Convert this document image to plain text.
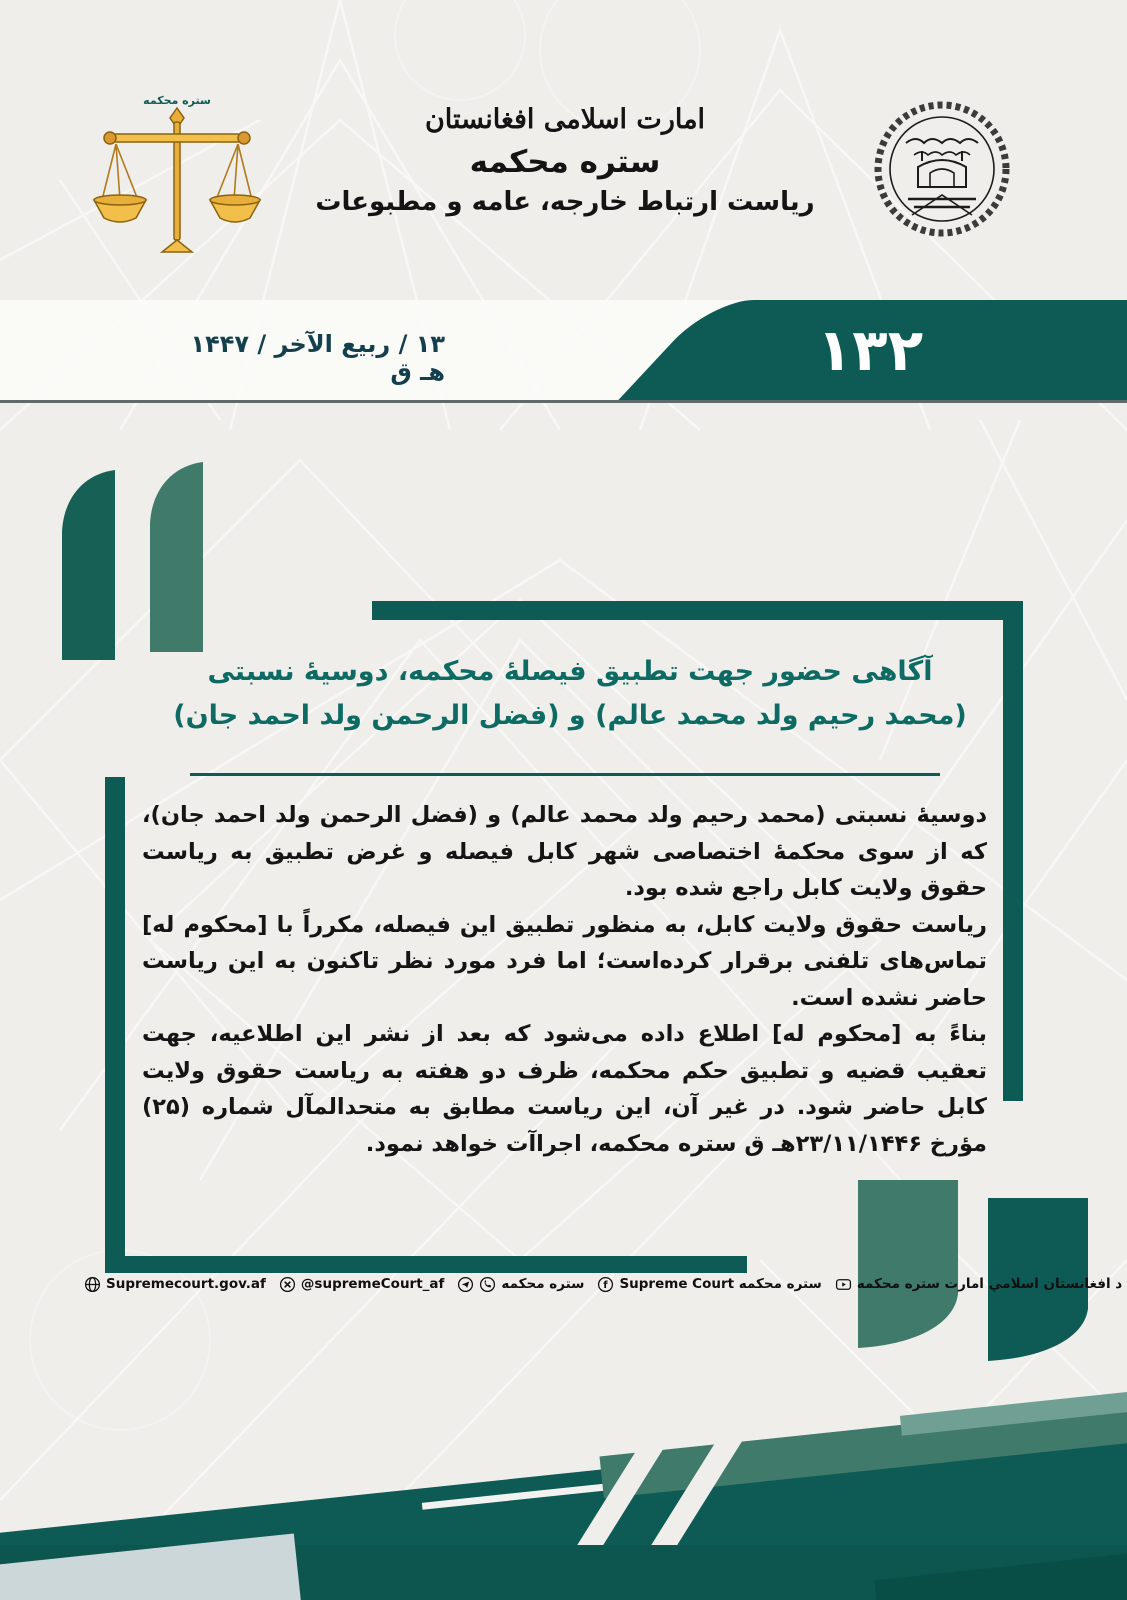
ستره محکمه
امارت اسلامی افغانستان
ستره محکمه
ریاست ارتباط خارجه، عامه و مطبوعات
۱۳۲
۱۳ / ربیع الآخر / ۱۴۴۷ هـ ق
آگاهی حضور جهت تطبیق فیصلهٔ محکمه، دوسیهٔ نسبتی
(محمد رحیم ولد محمد عالم) و (فضل الرحمن ولد احمد جان)

دوسیهٔ نسبتی (محمد رحیم ولد محمد عالم) و (فضل الرحمن ولد احمد جان)، که از سوی محکمهٔ اختصاصی شهر کابل فیصله و غرض تطبیق به ریاست حقوق ولایت کابل راجع شده بود.

ریاست حقوق ولایت کابل، به منظور تطبیق این فیصله، مکرراً با [محکوم له] تماس‌های تلفنی برقرار کرده‌است؛ اما فرد مورد نظر تاکنون به این ریاست حاضر نشده است.

بناءً به [محکوم له] اطلاع داده می‌شود که بعد از نشر این اطلاعیه، جهت تعقیب قضیه و تطبیق حکم محکمه، ظرف دو هفته به ریاست حقوق ولایت کابل حاضر شود. در غیر آن، این ریاست مطابق به متحدالمآل شماره (۲۵) مؤرخ ۲۳/۱۱/۱۴۴۶هـ ق ستره محکمه، اجراآت خواهد نمود.

Supremecourt.gov.af	@supremeCourt_af	ستره محکمه f ستره محکمه Supreme Court	د افغانستان اسلامي امارت ستره محکمه
